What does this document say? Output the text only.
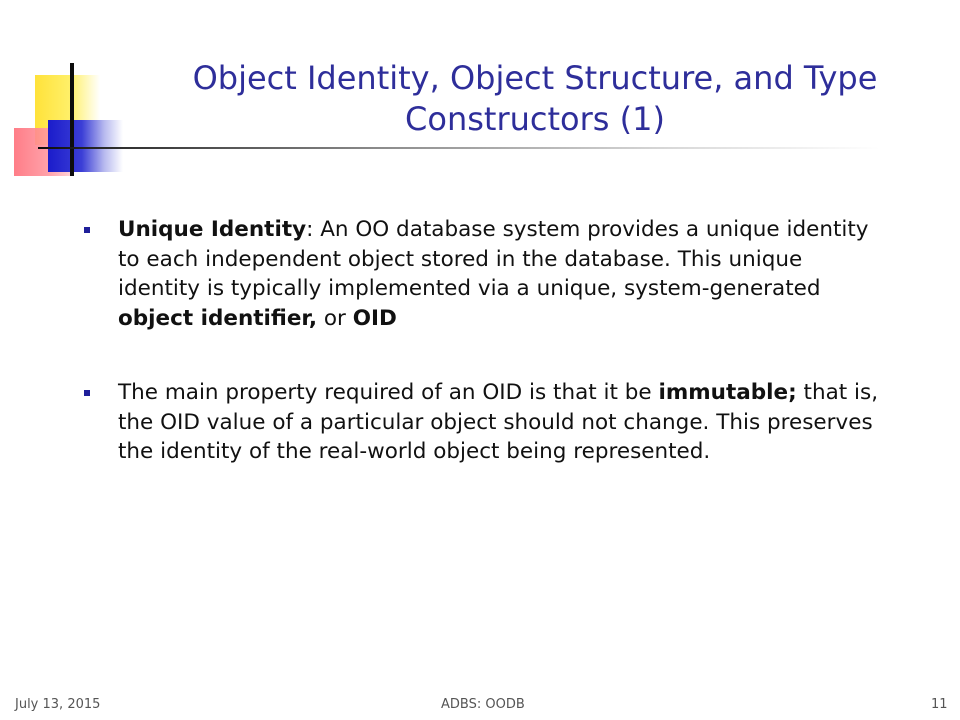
Object Identity, Object Structure, and Type Constructors (1)
Unique Identity: An OO database system provides a unique identity to each independent object stored in the database. This unique identity is typically implemented via a unique, system-generated object identifier, or OID
The main property required of an OID is that it be immutable; that is, the OID value of a particular object should not change. This preserves the identity of the real-world object being represented.
July 13, 2015	ADBS: OODB	11
